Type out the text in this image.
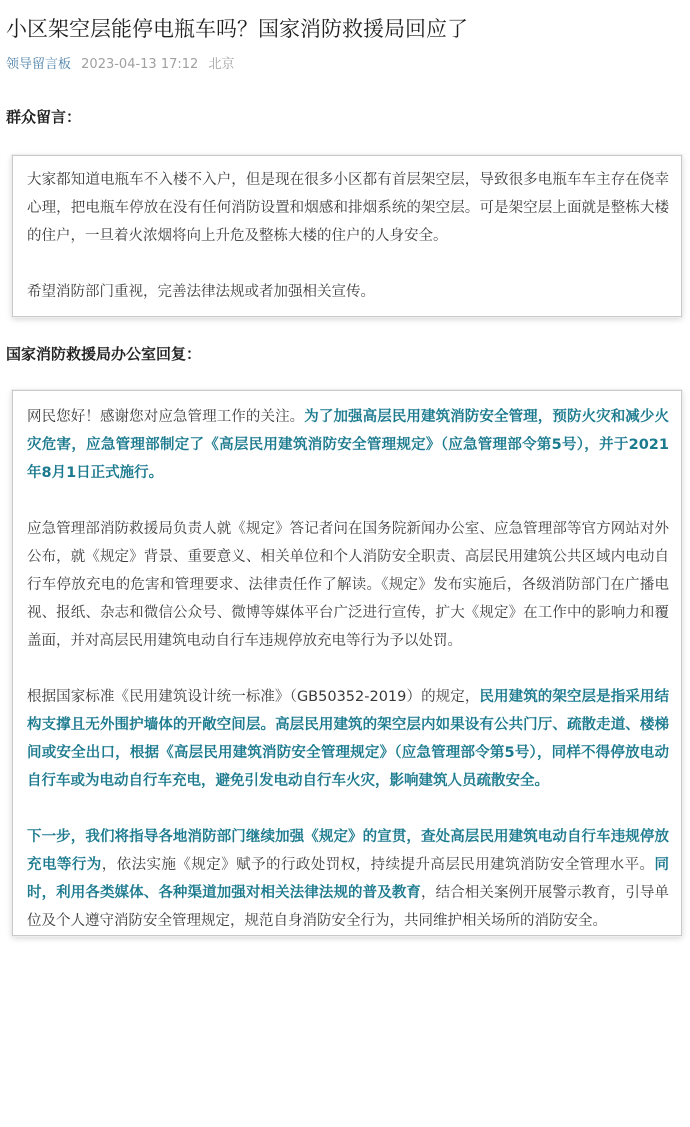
小区架空层能停电瓶车吗？国家消防救援局回应了
领导留言板 2023-04-13 17:12 北京
群众留言：

大家都知道电瓶车不入楼不入户，但是现在很多小区都有首层架空层，导致很多电瓶车车主存在侥幸心理，把电瓶车停放在没有任何消防设置和烟感和排烟系统的架空层。可是架空层上面就是整栋大楼的住户，一旦着火浓烟将向上升危及整栋大楼的住户的人身安全。

希望消防部门重视，完善法律法规或者加强相关宣传。

国家消防救援局办公室回复：

网民您好！感谢您对应急管理工作的关注。为了加强高层民用建筑消防安全管理，预防火灾和减少火灾危害，应急管理部制定了《高层民用建筑消防安全管理规定》（应急管理部令第5号），并于2021年8月1日正式施行。

应急管理部消防救援局负责人就《规定》答记者问在国务院新闻办公室、应急管理部等官方网站对外公布，就《规定》背景、重要意义、相关单位和个人消防安全职责、高层民用建筑公共区域内电动自行车停放充电的危害和管理要求、法律责任作了解读。《规定》发布实施后，各级消防部门在广播电视、报纸、杂志和微信公众号、微博等媒体平台广泛进行宣传，扩大《规定》在工作中的影响力和覆盖面，并对高层民用建筑电动自行车违规停放充电等行为予以处罚。

根据国家标准《民用建筑设计统一标准》（GB50352-2019）的规定，民用建筑的架空层是指采用结构支撑且无外围护墙体的开敞空间层。高层民用建筑的架空层内如果设有公共门厅、疏散走道、楼梯间或安全出口，根据《高层民用建筑消防安全管理规定》（应急管理部令第5号），同样不得停放电动自行车或为电动自行车充电，避免引发电动自行车火灾，影响建筑人员疏散安全。

下一步，我们将指导各地消防部门继续加强《规定》的宣贯，查处高层民用建筑电动自行车违规停放充电等行为，依法实施《规定》赋予的行政处罚权，持续提升高层民用建筑消防安全管理水平。同时，利用各类媒体、各种渠道加强对相关法律法规的普及教育，结合相关案例开展警示教育，引导单位及个人遵守消防安全管理规定，规范自身消防安全行为，共同维护相关场所的消防安全。
